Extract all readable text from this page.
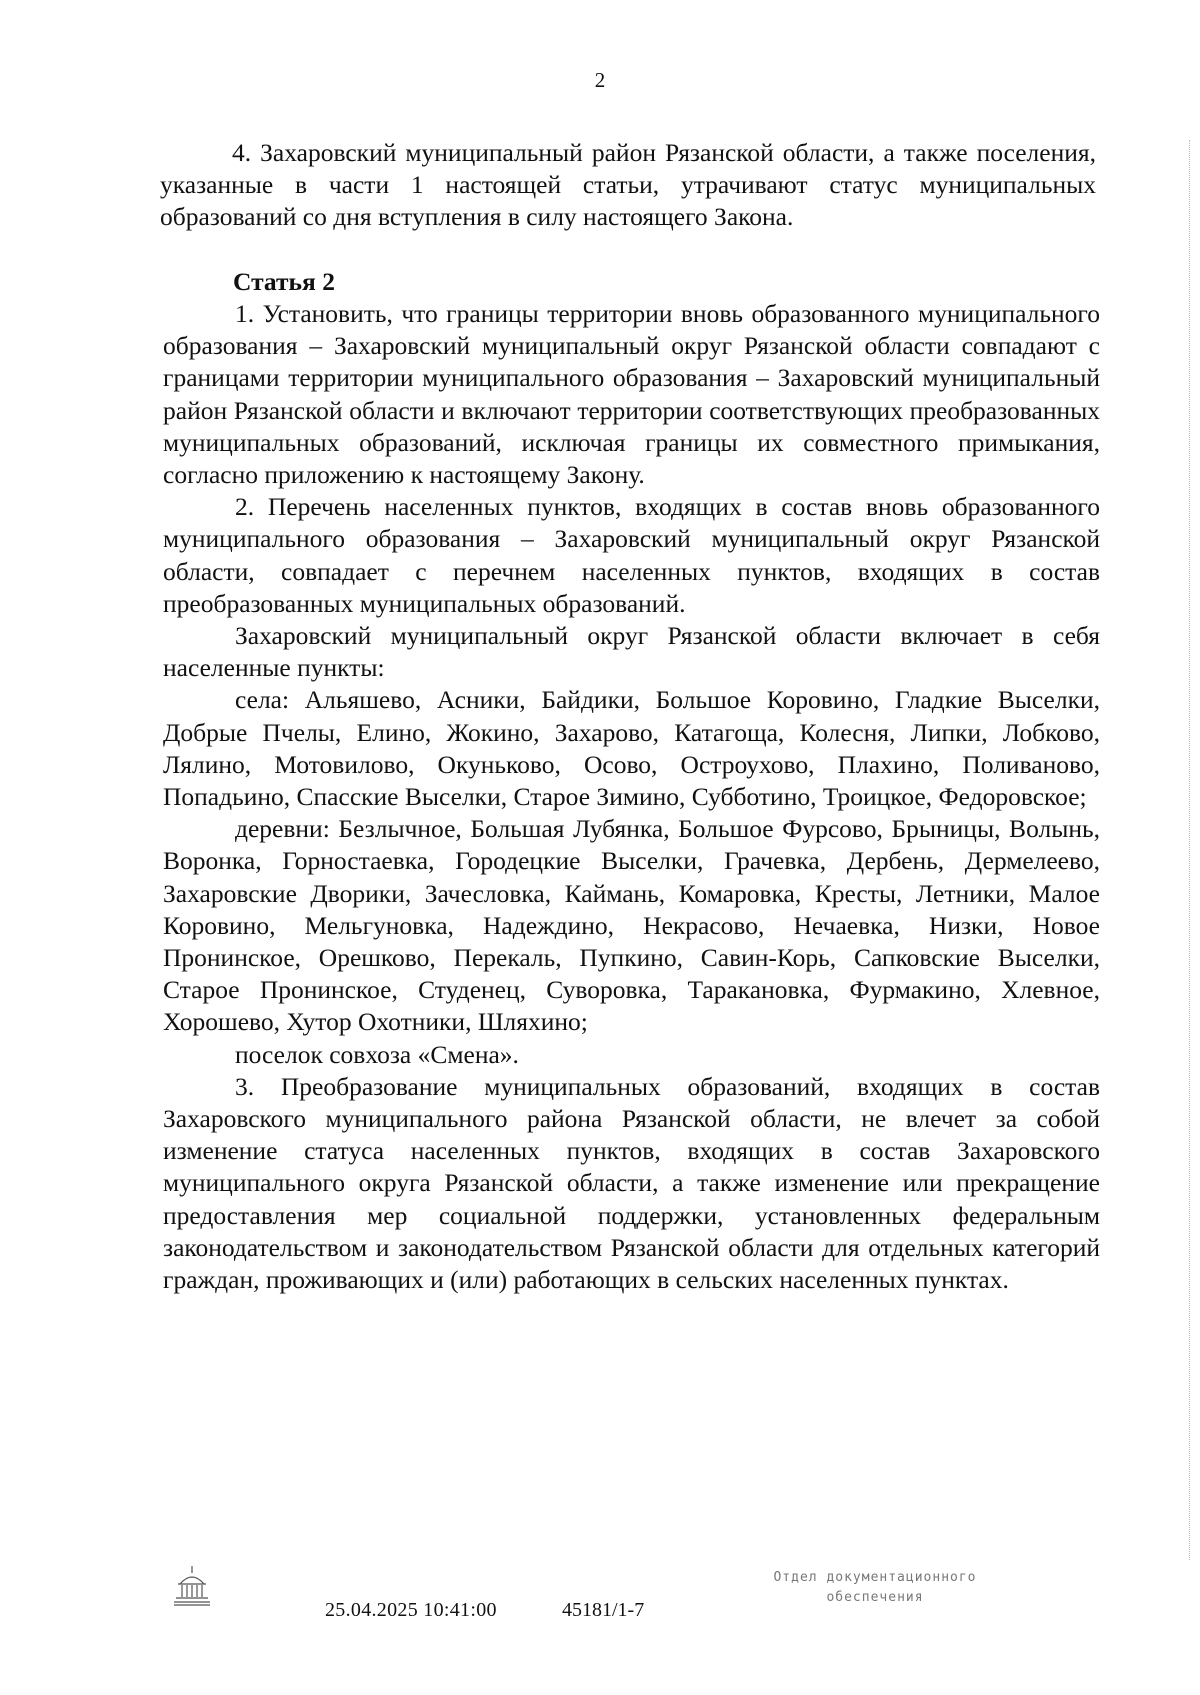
2

4. Захаровский муниципальный район Рязанской области, а также поселения, указанные в части 1 настоящей статьи, утрачивают статус муниципальных образований со дня вступления в силу настоящего Закона.

Статья 2

1. Установить, что границы территории вновь образованного муниципального образования – Захаровский муниципальный округ Рязанской области совпадают с границами территории муниципального образования – Захаровский муниципальный район Рязанской области и включают территории соответствующих преобразованных муниципальных образований, исключая границы их совместного примыкания, согласно приложению к настоящему Закону.

2. Перечень населенных пунктов, входящих в состав вновь образованного муниципального образования – Захаровский муниципальный округ Рязанской области, совпадает с перечнем населенных пунктов, входящих в состав преобразованных муниципальных образований.

Захаровский муниципальный округ Рязанской области включает в себя населенные пункты:

села: Альяшево, Асники, Байдики, Большое Коровино, Гладкие Выселки, Добрые Пчелы, Елино, Жокино, Захарово, Катагоща, Колесня, Липки, Лобково, Лялино, Мотовилово, Окуньково, Осово, Остроухово, Плахино, Поливаново, Попадьино, Спасские Выселки, Старое Зимино, Субботино, Троицкое, Федоровское;

деревни: Безлычное, Большая Лубянка, Большое Фурсово, Брыницы, Волынь, Воронка, Горностаевка, Городецкие Выселки, Грачевка, Дербень, Дермелеево, Захаровские Дворики, Зачесловка, Каймань, Комаровка, Кресты, Летники, Малое Коровино, Мельгуновка, Надеждино, Некрасово, Нечаевка, Низки, Новое Пронинское, Орешково, Перекаль, Пупкино, Савин-Корь, Сапковские Выселки, Старое Пронинское, Студенец, Суворовка, Таракановка, Фурмакино, Хлевное, Хорошево, Хутор Охотники, Шляхино;

поселок совхоза «Смена».

3. Преобразование муниципальных образований, входящих в состав Захаровского муниципального района Рязанской области, не влечет за собой изменение статуса населенных пунктов, входящих в состав Захаровского муниципального округа Рязанской области, а также изменение или прекращение предоставления мер социальной поддержки, установленных федеральным законодательством и законодательством Рязанской области для отдельных категорий граждан, проживающих и (или) работающих в сельских населенных пунктах.

25.04.2025 10:41:00	45181/1-7
Отдел документационного
обеспечения
